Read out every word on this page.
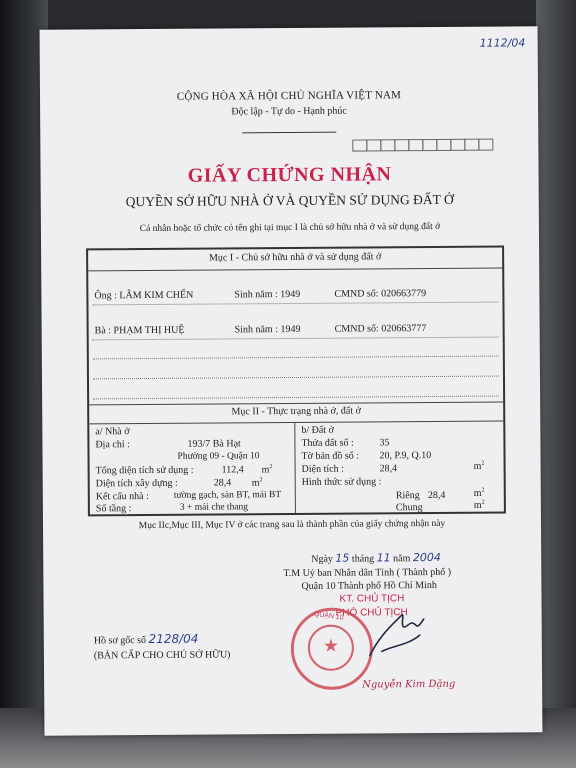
1112/04
CỘNG HÒA XÃ HỘI CHỦ NGHĨA VIỆT NAM
Độc lập - Tự do - Hạnh phúc
GIẤY CHỨNG NHẬN
QUYỀN SỞ HỮU NHÀ Ở VÀ QUYỀN SỬ DỤNG ĐẤT Ở
Cá nhân hoặc tổ chức có tên ghi tại mục I là chủ sở hữu nhà ở và sử dụng đất ở
Mục I - Chủ sở hữu nhà ở và sử dụng đất ở
Ông : LÂM KIM CHẾN	Sinh năm : 1949	CMND số: 020663779
Bà : PHẠM THỊ HUỆ	Sinh năm : 1949	CMND số: 020663777
Mục II - Thực trạng nhà ở, đất ở
a/ Nhà ở
Địa chỉ :	193/7 Bà Hạt
Phường 09 - Quận 10
Tổng diện tích sử dụng :	112,4 $m^2$
Diện tích xây dựng :	28,4 $m^2$
Kết cấu nhà :	tường gạch, sàn BT, mái BT
Số tầng :	3 + mái che thang
b/ Đất ở
Thửa đất số :	35
Tờ bản đồ số : 20, P.9, Q.10
Diện tích :	28,4	$m^2$
Hình thức sử dụng :
Riêng 28,4	$m^2$
Chung	$m^2$
Mục IIc,Mục III, Mục IV ở các trang sau là thành phần của giấy chứng nhận này
Ngày 15 tháng 11 năm 2004
T.M Uỷ ban Nhân dân Tỉnh ( Thành phố )
Quận 10 Thành phố Hồ Chí Minh
KT. CHỦ TỊCH
PHÓ CHỦ TỊCH
★
QUẬN 10
Nguyễn Kim Dặng
Hồ sơ gốc số 2128/04
(BẢN CẤP CHO CHỦ SỞ HỮU)
